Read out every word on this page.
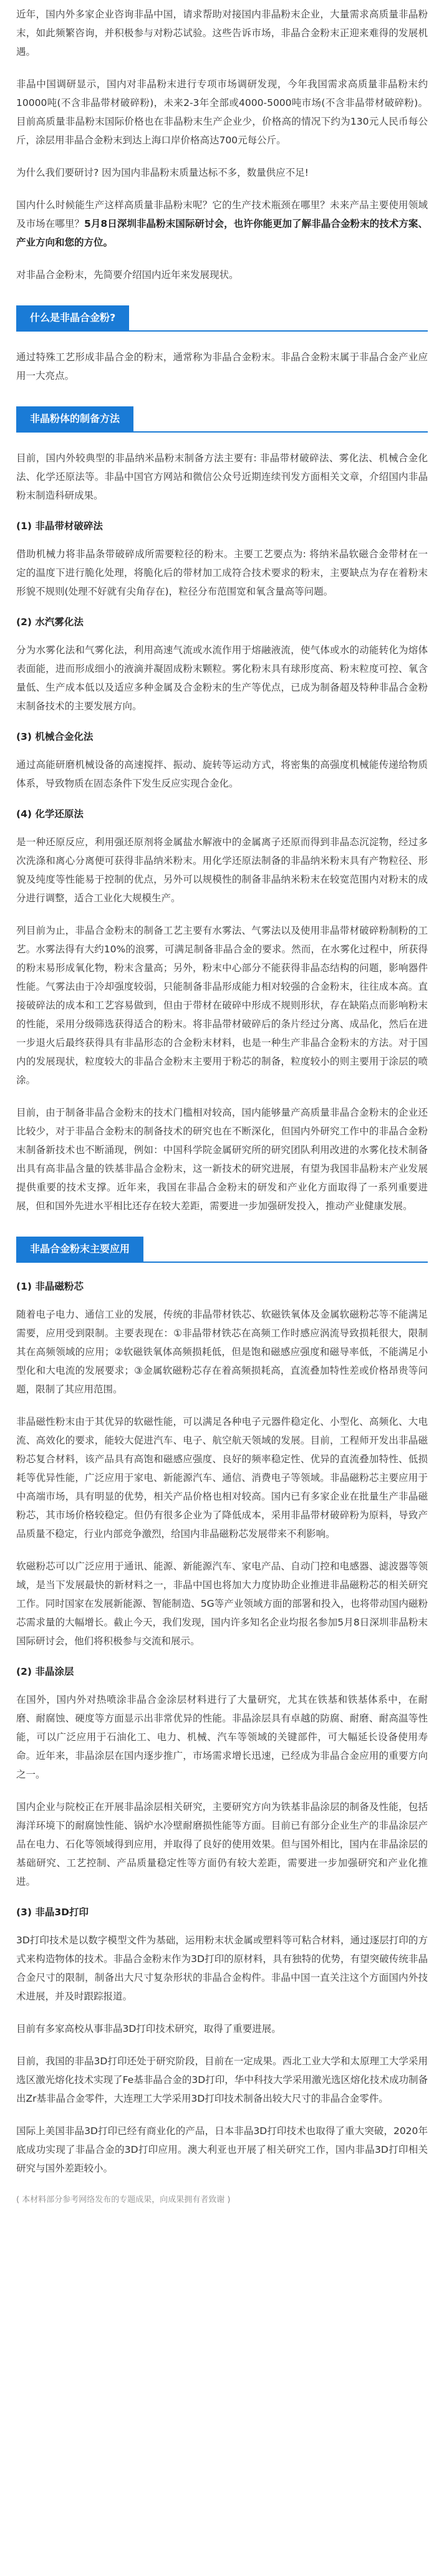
近年，国内外多家企业咨询非晶中国，请求帮助对接国内非晶粉末企业，大量需求高质量非晶粉末，如此频繁咨询，并积极参与对粉芯试验。这些告诉市场，非晶合金粉末正迎来难得的发展机遇。

非晶中国调研显示，国内对非晶粉末进行专项市场调研发现，今年我国需求高质量非晶粉末约10000吨(不含非晶带材破碎粉)，未来2-3年全部或4000-5000吨市场(不含非晶带材破碎粉)。目前高质量非晶粉末国际价格也在非晶粉末生产企业少，价格高的情况下约为130元人民币每公斤，涂层用非晶合金粉末到达上海口岸价格高达700元每公斤。

为什么我们要研讨? 因为国内非晶粉末质量达标不多，数量供应不足!

国内什么时候能生产这样高质量非晶粉末呢？它的生产技术瓶颈在哪里？未来产品主要使用领域及市场在哪里？5月8日深圳非晶粉末国际研讨会，也许你能更加了解非晶合金粉末的技术方案、产业方向和您的方位。

对非晶合金粉末，先简要介绍国内近年来发展现状。

什么是非晶合金粉?

通过特殊工艺形成非晶合金的粉末，通常称为非晶合金粉末。非晶合金粉末属于非晶合金产业应用一大亮点。

非晶粉体的制备方法

目前，国内外较典型的非晶纳米晶粉末制备方法主要有: 非晶带材破碎法、雾化法、机械合金化法、化学还原法等。非晶中国官方网站和微信公众号近期连续刊发方面相关文章，介绍国内非晶粉末制造科研成果。

(1) 非晶带材破碎法

借助机械力将非晶条带破碎成所需要粒径的粉末。主要工艺要点为: 将纳米晶软磁合金带材在一定的温度下进行脆化处理，将脆化后的带材加工成符合技术要求的粉末，主要缺点为存在着粉末形貌不规则(处理不好就有尖角存在)，粒径分布范围宽和氧含量高等问题。

(2) 水汽雾化法

分为水雾化法和气雾化法，利用高速气流或水流作用于熔融液流，使气体或水的动能转化为熔体表面能，进而形成细小的液滴并凝固成粉末颗粒。雾化粉末具有球形度高、粉末粒度可控、氧含量低、生产成本低以及适应多种金属及合金粉末的生产等优点，已成为制备超及特种非晶合金粉末制备技术的主要发展方向。

(3) 机械合金化法

通过高能研磨机械设备的高速搅拌、振动、旋转等运动方式，将密集的高强度机械能传递给物质体系，导致物质在固态条件下发生反应实现合金化。

(4) 化学还原法

是一种还原反应，利用强还原剂将金属盐水解液中的金属离子还原而得到非晶态沉淀物，经过多次洗涤和离心分离便可获得非晶纳米粉末。用化学还原法制备的非晶纳米粉末具有产物粒径、形貌及纯度等性能易于控制的优点，另外可以规模性的制备非晶纳米粉末在较宽范围内对粉末的成分进行调整，适合工业化大规模生产。

列目前为止，非晶合金粉末的制备工艺主要有水雾法、气雾法以及使用非晶带材破碎粉制粉的工艺。水雾法得有大约10%的浪雾，可满足制备非晶合金的要求。然而，在水雾化过程中，所获得的粉末易形成氧化物，粉末含量高；另外，粉末中心部分不能获得非晶态结构的问题，影响器件性能。气雾法由于冷却强度较弱，只能制备非晶形成能力相对较强的合金粉末，往往成本高。直接破碎法的成本和工艺容易做到，但由于带材在破碎中形成不规则形状，存在缺陷点而影响粉末的性能，采用分级筛选获得适合的粉末。将非晶带材破碎后的条片经过分离、成品化，然后在进一步退火后最终获得具有非晶形态的合金粉末材料，也是一种生产非晶合金粉末的方法。对于国内的发展现状，粒度较大的非晶合金粉末主要用于粉芯的制备，粒度较小的则主要用于涂层的喷涂。

目前，由于制备非晶合金粉末的技术门槛相对较高，国内能够量产高质量非晶合金粉末的企业还比较少，对于非晶合金粉末的制备技术的研究也在不断深化，但国内外研究工作中的非晶合金粉末制备新技术也不断涌现，例如：中国科学院金属研究所的研究团队利用改进的水雾化技术制备出具有高非晶含量的铁基非晶合金粉末，这一新技术的研究进展，有望为我国非晶粉末产业发展提供重要的技术支撑。近年来，我国在非晶合金粉末的研发和产业化方面取得了一系列重要进展，但和国外先进水平相比还存在较大差距，需要进一步加强研发投入，推动产业健康发展。

非晶合金粉末主要应用
(1) 非晶磁粉芯

随着电子电力、通信工业的发展，传统的非晶带材铁芯、软磁铁氧体及金属软磁粉芯等不能满足需要，应用受到限制。主要表现在：①非晶带材铁芯在高频工作时感应涡流导致损耗很大，限制其在高频领域的应用；②软磁铁氧体高频损耗低，但是饱和磁感应强度和磁导率低，不能满足小型化和大电流的发展要求；③金属软磁粉芯存在着高频损耗高，直流叠加特性差或价格昂贵等问题，限制了其应用范围。

非晶磁性粉末由于其优异的软磁性能，可以满足各种电子元器件稳定化、小型化、高频化、大电流、高效化的要求，能较大促进汽车、电子、航空航天领域的发展。目前，工程师开发出非晶磁粉芯复合材料，该产品具有高饱和磁感应强度、良好的频率稳定性、优异的直流叠加特性、低损耗等优异性能，广泛应用于家电、新能源汽车、通信、消费电子等领域。非晶磁粉芯主要应用于中高端市场，具有明显的优势，相关产品价格也相对较高。国内已有多家企业在批量生产非晶磁粉芯，其市场价格较稳定。但仍有很多企业为了降低成本，采用非晶带材破碎粉为原料，导致产品质量不稳定，行业内部竞争激烈，给国内非晶磁粉芯发展带来不利影响。

软磁粉芯可以广泛应用于通讯、能源、新能源汽车、家电产品、自动门控和电感器、滤波器等领域，是当下发展最快的新材料之一，非晶中国也将加大力度协助企业推进非晶磁粉芯的相关研究工作。同时国家在发展新能源、智能制造、5G等产业领域方面的部署和投入，也将带动国内磁粉芯需求量的大幅增长。截止今天，我们发现，国内许多知名企业均报名参加5月8日深圳非晶粉末国际研讨会，他们将积极参与交流和展示。

(2) 非晶涂层

在国外，国内外对热喷涂非晶合金涂层材料进行了大量研究，尤其在铁基和铁基体系中，在耐磨、耐腐蚀、硬度等方面显示出非常优异的性能。非晶涂层具有卓越的防腐、耐磨、耐高温等性能，可以广泛应用于石油化工、电力、机械、汽车等领域的关键部件，可大幅延长设备使用寿命。近年来，非晶涂层在国内逐步推广，市场需求增长迅速，已经成为非晶合金应用的重要方向之一。

国内企业与院校正在开展非晶涂层相关研究，主要研究方向为铁基非晶涂层的制备及性能，包括海洋环境下的耐腐蚀性能、锅炉水冷壁耐磨损性能等方面。目前已有部分企业生产的非晶涂层产品在电力、石化等领域得到应用，并取得了良好的使用效果。但与国外相比，国内在非晶涂层的基础研究、工艺控制、产品质量稳定性等方面仍有较大差距，需要进一步加强研究和产业化推进。

(3) 非晶3D打印

3D打印技术是以数字模型文件为基础，运用粉末状金属或塑料等可粘合材料，通过逐层打印的方式来构造物体的技术。非晶合金粉末作为3D打印的原材料，具有独特的优势，有望突破传统非晶合金尺寸的限制，制备出大尺寸复杂形状的非晶合金构件。非晶中国一直关注这个方面国内外技术进展，并及时跟踪报道。

目前有多家高校从事非晶3D打印技术研究，取得了重要进展。

目前，我国的非晶3D打印还处于研究阶段，目前在一定成果。西北工业大学和太原理工大学采用选区激光熔化技术实现了Fe基非晶合金的3D打印，华中科技大学采用激光选区熔化技术成功制备出Zr基非晶合金零件，大连理工大学采用3D打印技术制备出较大尺寸的非晶合金零件。

国际上美国非晶3D打印已经有商业化的产品，日本非晶3D打印技术也取得了重大突破，2020年底成功实现了非晶合金的3D打印应用。澳大利亚也开展了相关研究工作，国内非晶3D打印相关研究与国外差距较小。

( 本材料部分参考网络发布的专题成果，向成果拥有者致谢 )
